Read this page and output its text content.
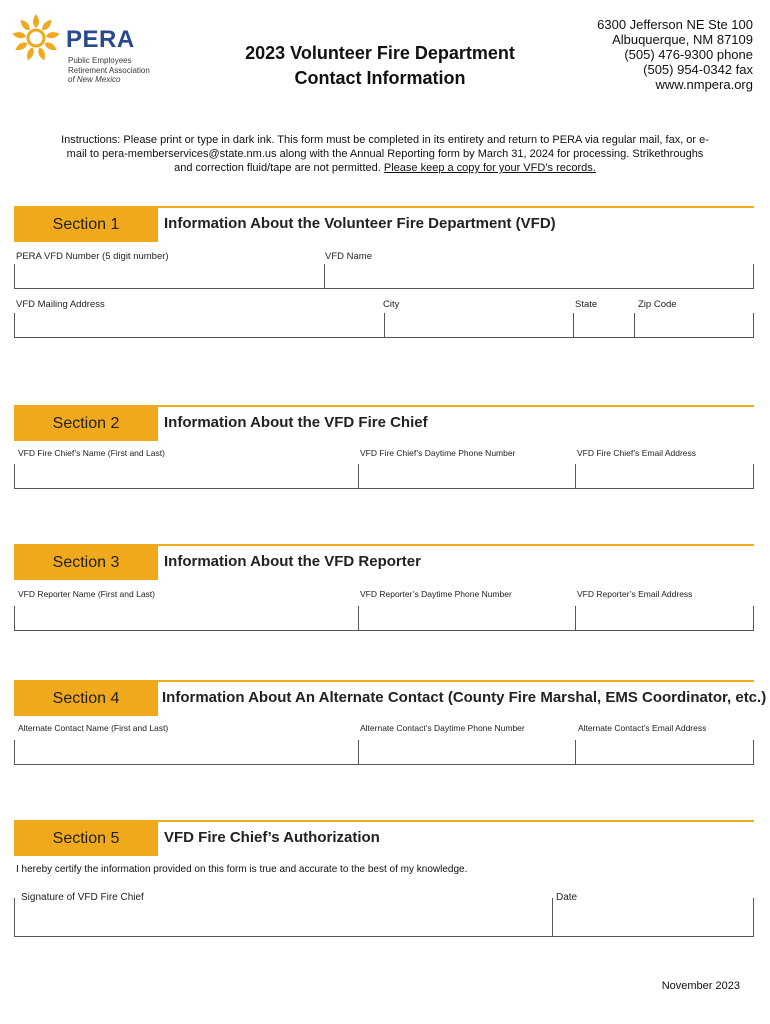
PERA
Public Employees
Retirement Association
of New Mexico
2023 Volunteer Fire Department
Contact Information
6300 Jefferson NE Ste 100
Albuquerque, NM 87109
(505) 476-9300 phone
(505) 954-0342 fax
www.nmpera.org
Instructions: Please print or type in dark ink. This form must be completed in its entirety and return to PERA via regular mail, fax, or e-mail to pera-memberservices@state.nm.us along with the Annual Reporting form by March 31, 2024 for processing. Strikethroughs and correction fluid/tape are not permitted. Please keep a copy for your VFD’s records.
Section 1	Information About the Volunteer Fire Department (VFD)
PERA VFD Number (5 digit number)	VFD Name
VFD Mailing Address	City	State	Zip Code
Section 2	Information About the VFD Fire Chief
VFD Fire Chief’s Name (First and Last)	VFD Fire Chief’s Daytime Phone Number	VFD Fire Chief’s Email Address
Section 3	Information About the VFD Reporter
VFD Reporter Name (First and Last)	VFD Reporter’s Daytime Phone Number	VFD Reporter’s Email Address
Section 4	Information About An Alternate Contact (County Fire Marshal, EMS Coordinator, etc.)
Alternate Contact Name (First and Last)	Alternate Contact’s Daytime Phone Number	Alternate Contact’s Email Address
Section 5	VFD Fire Chief’s Authorization
I hereby certify the information provided on this form is true and accurate to the best of my knowledge.
Signature of VFD Fire Chief	Date
November 2023
